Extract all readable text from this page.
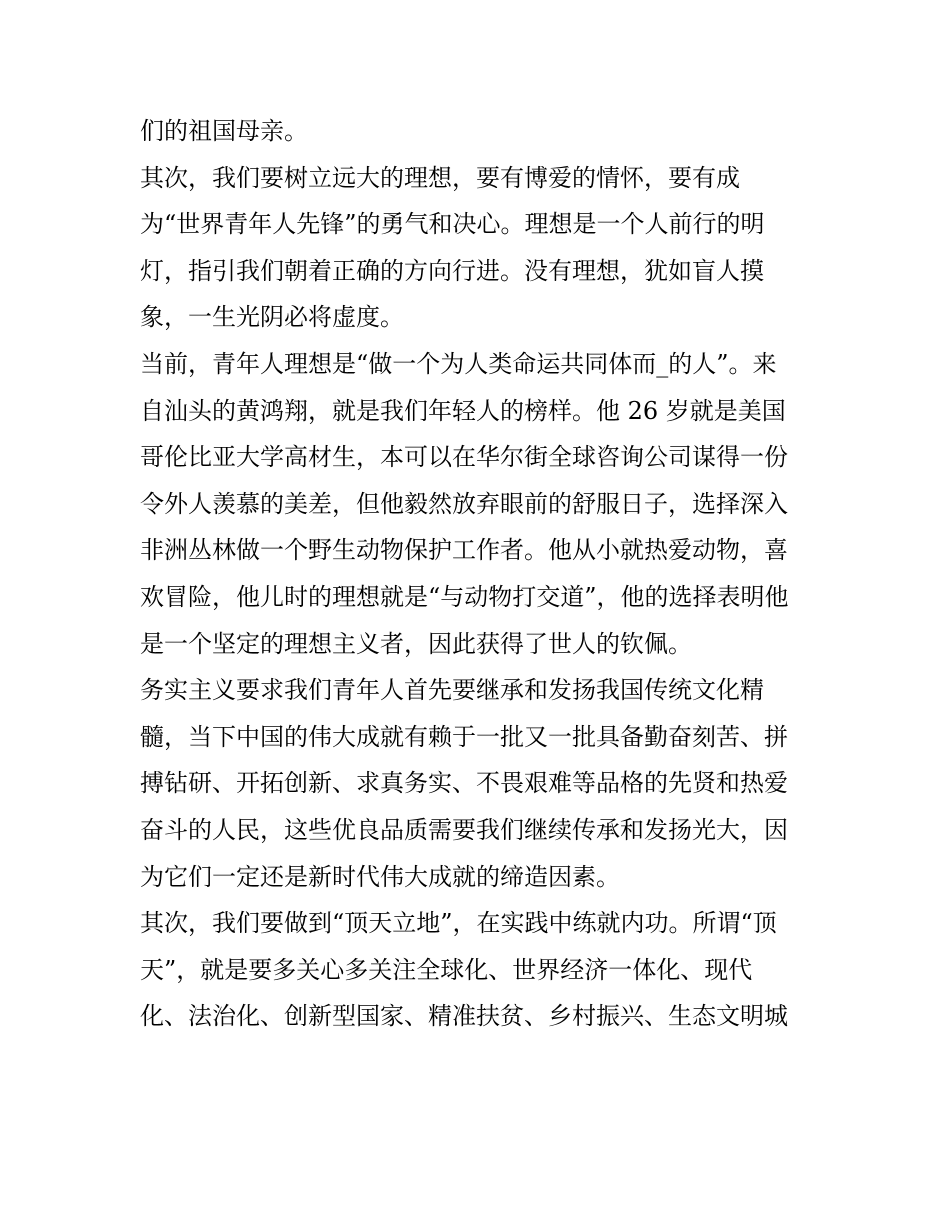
们的祖国母亲。
其次，我们要树立远大的理想，要有博爱的情怀，要有成
为“世界青年人先锋”的勇气和决心。理想是一个人前行的明
灯，指引我们朝着正确的方向行进。没有理想，犹如盲人摸
象，一生光阴必将虚度。
当前，青年人理想是“做一个为人类命运共同体而_的人”。来
自汕头的黄鸿翔，就是我们年轻人的榜样。他 26 岁就是美国
哥伦比亚大学高材生，本可以在华尔街全球咨询公司谋得一份
令外人羡慕的美差，但他毅然放弃眼前的舒服日子，选择深入
非洲丛林做一个野生动物保护工作者。他从小就热爱动物，喜
欢冒险，他儿时的理想就是“与动物打交道”，他的选择表明他
是一个坚定的理想主义者，因此获得了世人的钦佩。
务实主义要求我们青年人首先要继承和发扬我国传统文化精
髓，当下中国的伟大成就有赖于一批又一批具备勤奋刻苦、拼
搏钻研、开拓创新、求真务实、不畏艰难等品格的先贤和热爱
奋斗的人民，这些优良品质需要我们继续传承和发扬光大，因
为它们一定还是新时代伟大成就的缔造因素。
其次，我们要做到“顶天立地”，在实践中练就内功。所谓“顶
天”，就是要多关心多关注全球化、世界经济一体化、现代
化、法治化、创新型国家、精准扶贫、乡村振兴、生态文明城
